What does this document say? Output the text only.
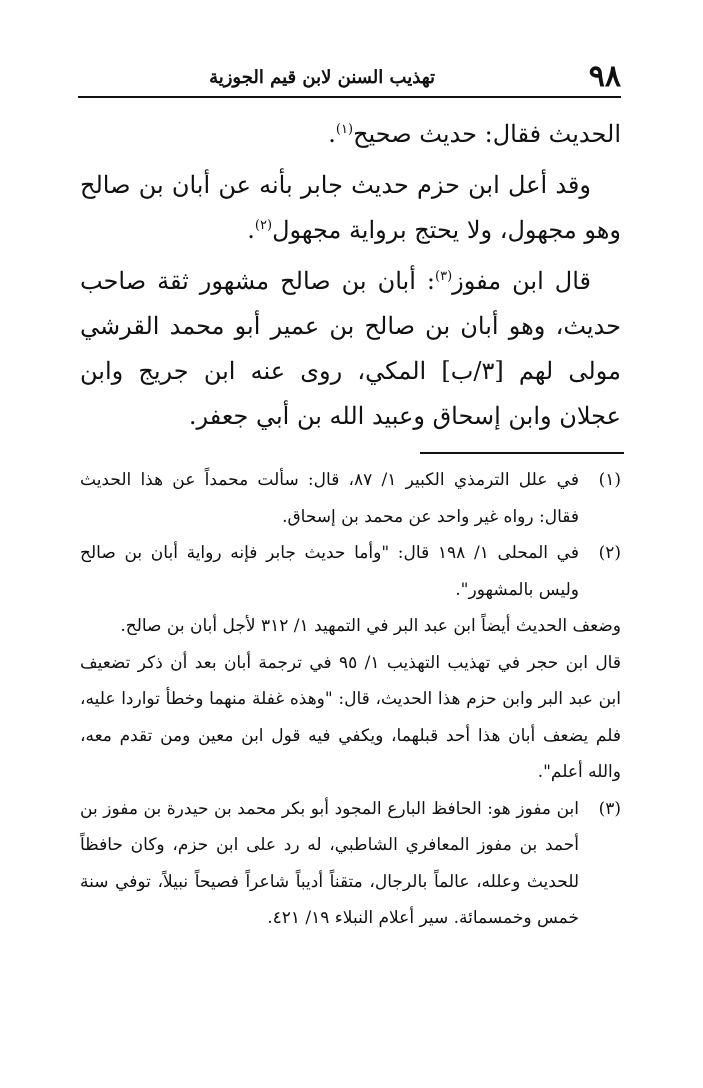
٩٨
تهذيب السنن لابن قيم الجوزية

الحديث فقال: حديث صحيح$^{(١)}$.

وقد أعل ابن حزم حديث جابر بأنه عن أبان بن صالح وهو مجهول، ولا يحتج برواية مجهول$^{(٢)}$.

قال ابن مفوز$^{(٣)}$: أبان بن صالح مشهور ثقة صاحب حديث، وهو أبان بن صالح بن عمير أبو محمد القرشي مولى لهم [٣/ب] المكي، روى عنه ابن جريج وابن عجلان وابن إسحاق وعبيد الله بن أبي جعفر.

(١)

في علل الترمذي الكبير ١/ ٨٧، قال: سألت محمداً عن هذا الحديث فقال: رواه غير واحد عن محمد بن إسحاق.

(٢)

في المحلى ١/ ١٩٨ قال: "وأما حديث جابر فإنه رواية أبان بن صالح وليس بالمشهور".

وضعف الحديث أيضاً ابن عبد البر في التمهيد ١/ ٣١٢ لأجل أبان بن صالح.

قال ابن حجر في تهذيب التهذيب ١/ ٩٥ في ترجمة أبان بعد أن ذكر تضعيف ابن عبد البر وابن حزم هذا الحديث، قال: "وهذه غفلة منهما وخطأ تواردا عليه، فلم يضعف أبان هذا أحد قبلهما، ويكفي فيه قول ابن معين ومن تقدم معه، والله أعلم".

(٣)

ابن مفوز هو: الحافظ البارع المجود أبو بكر محمد بن حيدرة بن مفوز بن أحمد بن مفوز المعافري الشاطبي، له رد على ابن حزم، وكان حافظاً للحديث وعلله، عالماً بالرجال، متقناً أديباً شاعراً فصيحاً نبيلاً، توفي سنة خمس وخمسمائة. سير أعلام النبلاء ١٩/ ٤٢١.
